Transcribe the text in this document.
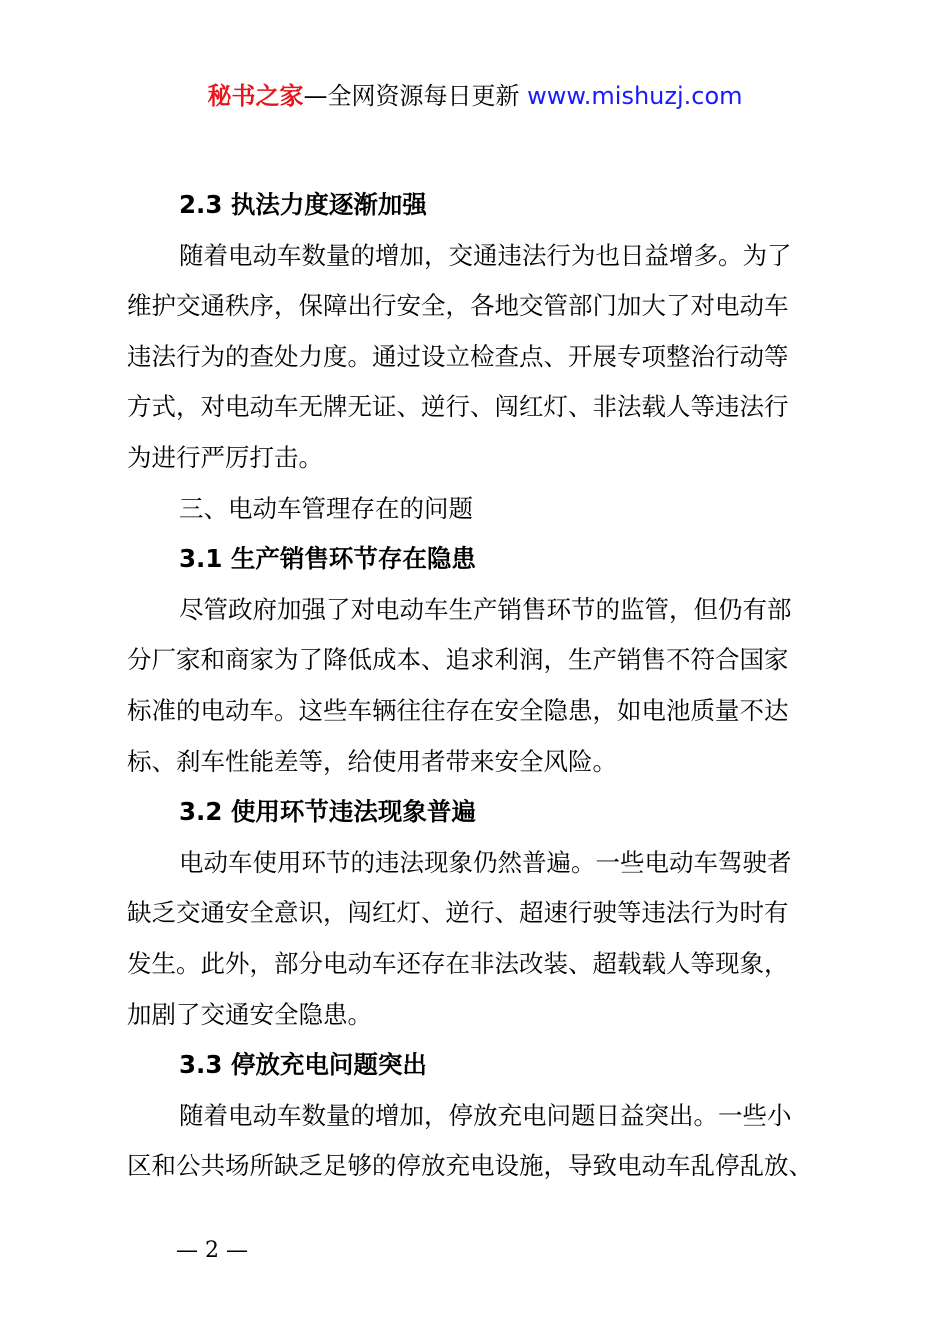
秘书之家—全网资源每日更新 www.mishuzj.com
2.3 执法力度逐渐加强
随着电动车数量的增加，交通违法行为也日益增多。为了
维护交通秩序，保障出行安全，各地交管部门加大了对电动车
违法行为的查处力度。通过设立检查点、开展专项整治行动等
方式，对电动车无牌无证、逆行、闯红灯、非法载人等违法行
为进行严厉打击。
三、电动车管理存在的问题
3.1 生产销售环节存在隐患
尽管政府加强了对电动车生产销售环节的监管，但仍有部
分厂家和商家为了降低成本、追求利润，生产销售不符合国家
标准的电动车。这些车辆往往存在安全隐患，如电池质量不达
标、刹车性能差等，给使用者带来安全风险。
3.2 使用环节违法现象普遍
电动车使用环节的违法现象仍然普遍。一些电动车驾驶者
缺乏交通安全意识，闯红灯、逆行、超速行驶等违法行为时有
发生。此外，部分电动车还存在非法改装、超载载人等现象，
加剧了交通安全隐患。
3.3 停放充电问题突出
随着电动车数量的增加，停放充电问题日益突出。一些小
区和公共场所缺乏足够的停放充电设施，导致电动车乱停乱放、
— 2 —
